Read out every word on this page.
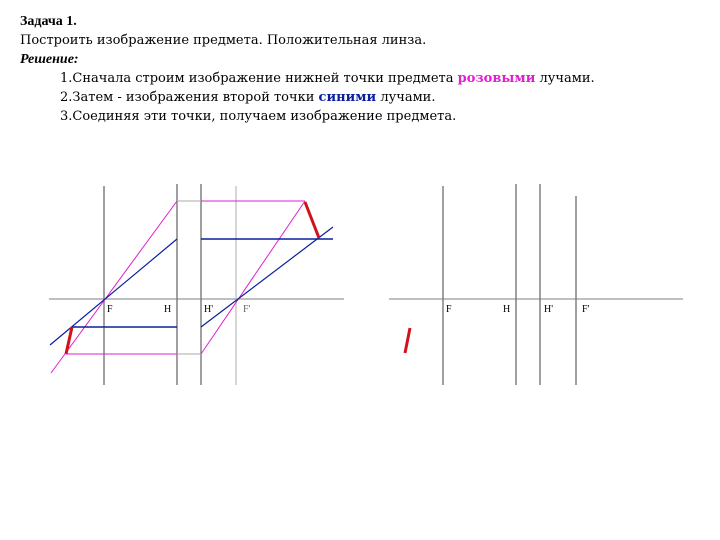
Задача 1.
Построить изображение предмета. Положительная линза.
Решение:
1.Сначала строим изображение нижней точки предмета розовыми лучами.
2.Затем - изображения второй точки синими лучами.
3.Соединяя эти точки, получаем изображение предмета.
F	H	H'	F'	F	H	H'	F'
